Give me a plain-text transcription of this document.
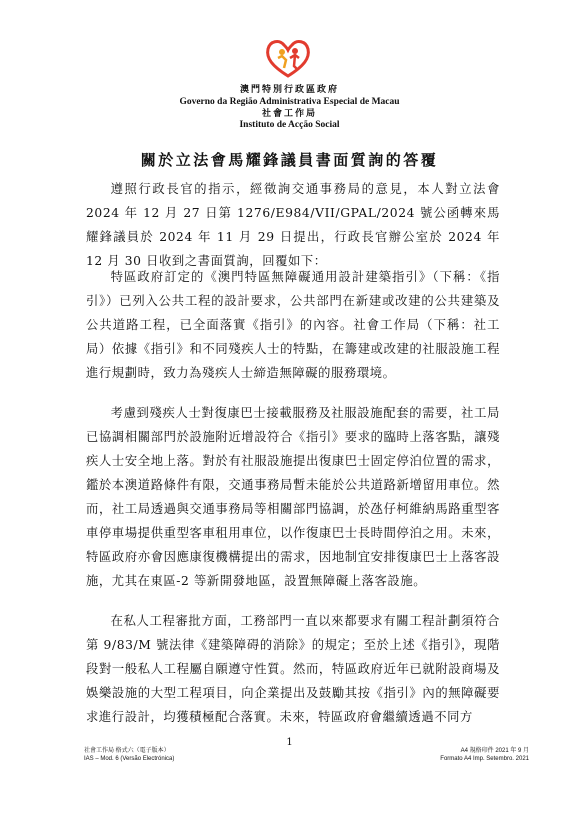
澳門特別行政區政府
Governo da Região Administrativa Especial de Macau
社會工作局
Instituto de Acção Social
關於立法會馬耀鋒議員書面質詢的答覆

遵照行政長官的指示，經徵詢交通事務局的意見，本人對立法會 2024 年 12 月 27 日第 1276/E984/VII/GPAL/2024 號公函轉來馬耀鋒議員於 2024 年 11 月 29 日提出，行政長官辦公室於 2024 年 12 月 30 日收到之書面質詢，回覆如下：

特區政府訂定的《澳門特區無障礙通用設計建築指引》（下稱：《指引》）已列入公共工程的設計要求，公共部門在新建或改建的公共建築及公共道路工程，已全面落實《指引》的內容。社會工作局（下稱：社工局）依據《指引》和不同殘疾人士的特點，在籌建或改建的社服設施工程進行規劃時，致力為殘疾人士締造無障礙的服務環境。

考慮到殘疾人士對復康巴士接載服務及社服設施配套的需要，社工局已協調相關部門於設施附近增設符合《指引》要求的臨時上落客點，讓殘疾人士安全地上落。對於有社服設施提出復康巴士固定停泊位置的需求，鑑於本澳道路條件有限，交通事務局暫未能於公共道路新增留用車位。然而，社工局透過與交通事務局等相關部門協調，於氹仔柯維納馬路重型客車停車場提供重型客車租用車位，以作復康巴士長時間停泊之用。未來，特區政府亦會因應康復機構提出的需求，因地制宜安排復康巴士上落客設施，尤其在東區-2 等新開發地區，設置無障礙上落客設施。

在私人工程審批方面，工務部門一直以來都要求有關工程計劃須符合第 9/83/M 號法律《建築障碍的消除》的規定；至於上述《指引》，現階段對一般私人工程屬自願遵守性質。然而，特區政府近年已就附設商場及娛樂設施的大型工程項目，向企業提出及鼓勵其按《指引》內的無障礙要求進行設計，均獲積極配合落實。未來，特區政府會繼續透過不同方

1
社會工作局 格式六（電子版本）
IAS – Mod. 6 (Versão Electrónica)
A4 規格印件 2021 年 9 月
Formato A4 Imp. Setembro. 2021
